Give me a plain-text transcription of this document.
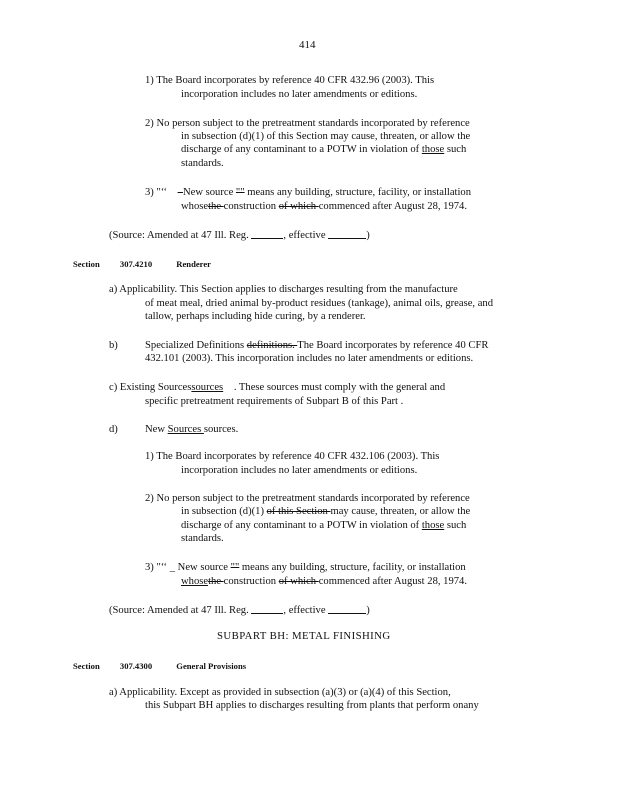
414
1) The Board incorporates by reference 40 CFR 432.96 (2003). This
incorporation includes no later amendments or editions.
2) No person subject to the pretreatment standards incorporated by reference
in subsection (d)(1) of this Section may cause, threaten, or allow the
discharge of any contaminant to a POTW in violation of those such
standards.
3) "‘‘ –New source "" means any building, structure, facility, or installation
whosethe construction of which commenced after August 28, 1974.
(Source: Amended at 47 Ill. Reg.	, effective	)
Section 307.4210	Renderer
a) Applicability. This Section applies to discharges resulting from the manufacture
of meat meal, dried animal by-product residues (tankage), animal oils, grease, and
tallow, perhaps including hide curing, by a renderer.
b)	Specialized Definitions definitions. The Board incorporates by reference 40 CFR
432.101 (2003). This incorporation includes no later amendments or editions.
c) Existing Sourcessources . These sources must comply with the general and
specific pretreatment requirements of Subpart B of this Part .
d)	New Sources sources.
1) The Board incorporates by reference 40 CFR 432.106 (2003). This
incorporation includes no later amendments or editions.
2) No person subject to the pretreatment standards incorporated by reference
in subsection (d)(1) of this Section may cause, threaten, or allow the
discharge of any contaminant to a POTW in violation of those such
standards.
3) "‘‘ _ New source "" means any building, structure, facility, or installation
whosethe construction of which commenced after August 28, 1974.
(Source: Amended at 47 Ill. Reg.	, effective	)
SUBPART BH: METAL FINISHING
Section 307.4300	General Provisions
a) Applicability. Except as provided in subsection (a)(3) or (a)(4) of this Section,
this Subpart BH applies to discharges resulting from plants that perform onany
